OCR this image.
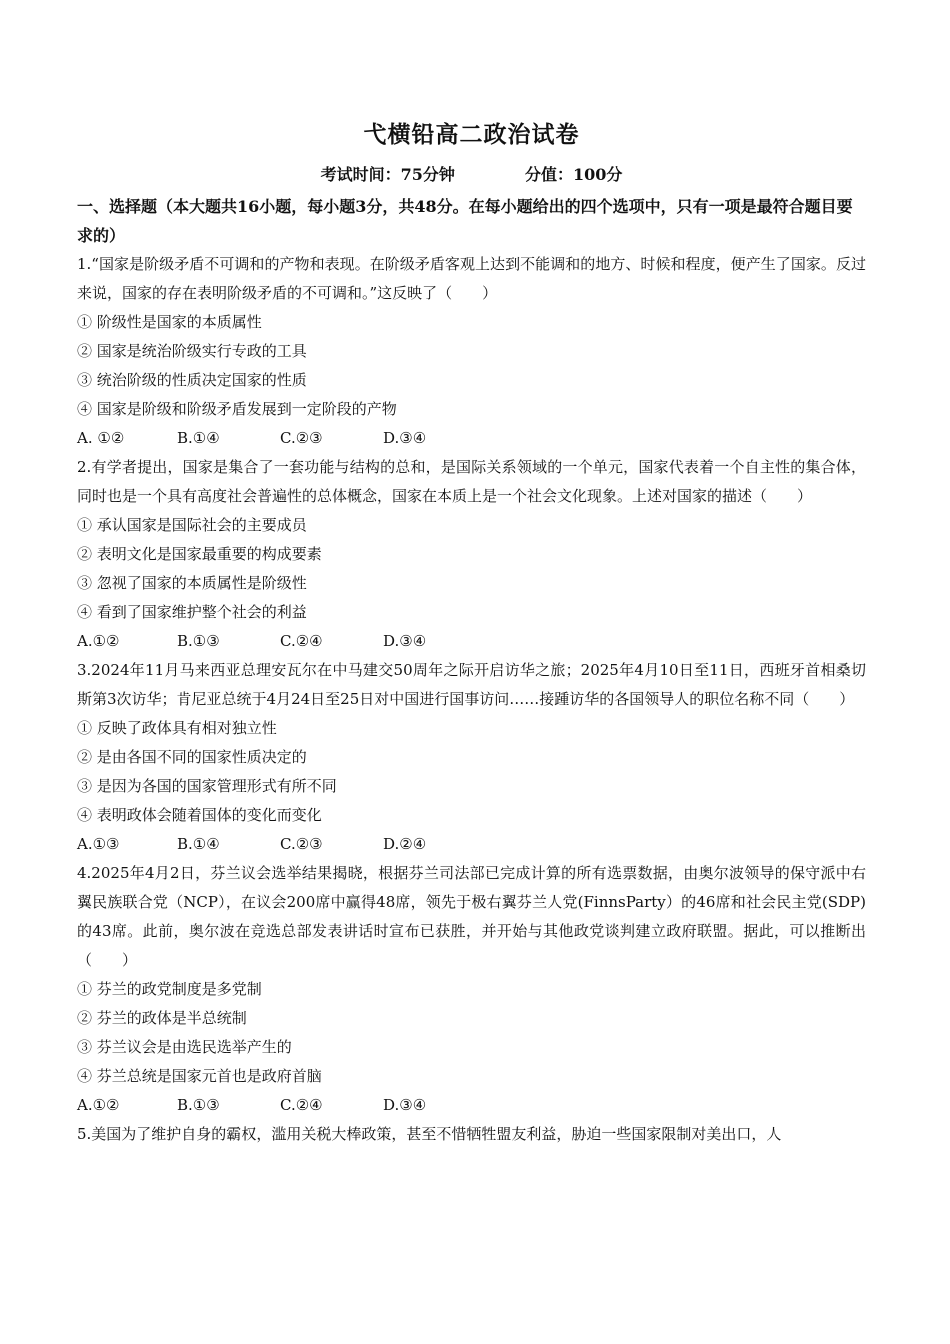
弋横铅高二政治试卷
考试时间：75分钟	分值：100分

一、选择题（本大题共16小题，每小题3分，共48分。在每小题给出的四个选项中，只有一项是最符合题目要求的）

1.“国家是阶级矛盾不可调和的产物和表现。在阶级矛盾客观上达到不能调和的地方、时候和程度，便产生了国家。反过来说，国家的存在表明阶级矛盾的不可调和。”这反映了（　　）
① 阶级性是国家的本质属性
② 国家是统治阶级实行专政的工具
③ 统治阶级的性质决定国家的性质
④ 国家是阶级和阶级矛盾发展到一定阶段的产物
A. ①②	B.①④	C.②③	D.③④
2.有学者提出，国家是集合了一套功能与结构的总和，是国际关系领域的一个单元，国家代表着一个自主性的集合体，同时也是一个具有高度社会普遍性的总体概念，国家在本质上是一个社会文化现象。上述对国家的描述（　　）
① 承认国家是国际社会的主要成员
② 表明文化是国家最重要的构成要素
③ 忽视了国家的本质属性是阶级性
④ 看到了国家维护整个社会的利益
A.①②	B.①③	C.②④	D.③④
3.2024年11月马来西亚总理安瓦尔在中马建交50周年之际开启访华之旅；2025年4月10日至11日，西班牙首相桑切斯第3次访华；肯尼亚总统于4月24日至25日对中国进行国事访问……接踵访华的各国领导人的职位名称不同（　　）
① 反映了政体具有相对独立性
② 是由各国不同的国家性质决定的
③ 是因为各国的国家管理形式有所不同
④ 表明政体会随着国体的变化而变化
A.①③	B.①④	C.②③	D.②④
4.2025年4月2日，芬兰议会选举结果揭晓，根据芬兰司法部已完成计算的所有选票数据，由奥尔波领导的保守派中右翼民族联合党（NCP），在议会200席中赢得48席，领先于极右翼芬兰人党(FinnsParty）的46席和社会民主党(SDP)的43席。此前，奥尔波在竞选总部发表讲话时宣布已获胜，并开始与其他政党谈判建立政府联盟。据此，可以推断出（　　）
① 芬兰的政党制度是多党制
② 芬兰的政体是半总统制
③ 芬兰议会是由选民选举产生的
④ 芬兰总统是国家元首也是政府首脑
A.①②	B.①③	C.②④	D.③④
5.美国为了维护自身的霸权，滥用关税大棒政策，甚至不惜牺牲盟友利益，胁迫一些国家限制对美出口，人
